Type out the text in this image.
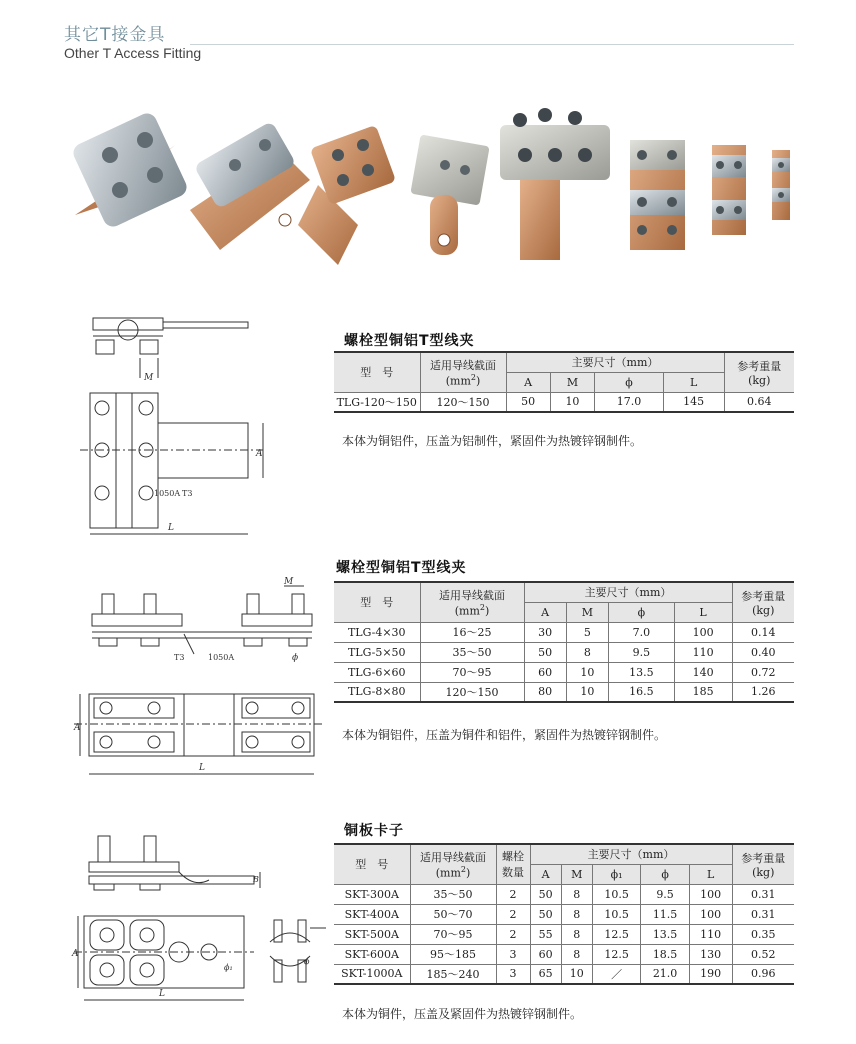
其它T接金具
Other T Access Fitting
M
A
L
1050A T3
螺栓型铜铝T型线夹
型　号	适用导线截面
$(mm^2)$	主要尺寸（mm）				参考重量
(kg)
		A	M	ϕ	L	
TLG-120～150	120～150	50	10	17.0	145	0.64
本体为铜铝件，压盖为铝制件，紧固件为热镀锌钢制件。
T3	1050A
M
ϕ
A
L
螺栓型铜铝T型线夹
型　号	适用导线截面
$(mm^2)$	主要尺寸（mm）				参考重量
(kg)
		A	M	ϕ	L	
TLG-4×30	16～25	30	5	7.0	100	0.14
TLG-5×50	35～50	50	8	9.5	110	0.40
TLG-6×60	70～95	60	10	13.5	140	0.72
TLG-8×80	120～150	80	10	16.5	185	1.26
本体为铜铝件，压盖为铜件和铝件，紧固件为热镀锌钢制件。
B
ϕ₁
A
L
ϕ
铜板卡子
型　号	适用导线截面
$(mm^2)$	螺栓
数量	主要尺寸（mm）					参考重量
(kg)
			A	M	ϕ₁	ϕ	L	
SKT-300A	35～50	2	50	8	10.5	9.5	100	0.31
SKT-400A	50～70	2	50	8	10.5	11.5	100	0.31
SKT-500A	70～95	2	55	8	12.5	13.5	110	0.35
SKT-600A	95～185	3	60	8	12.5	18.5	130	0.52
SKT-1000A	185～240	3	65	10	／	21.0	190	0.96
本体为铜件，压盖及紧固件为热镀锌钢制件。
